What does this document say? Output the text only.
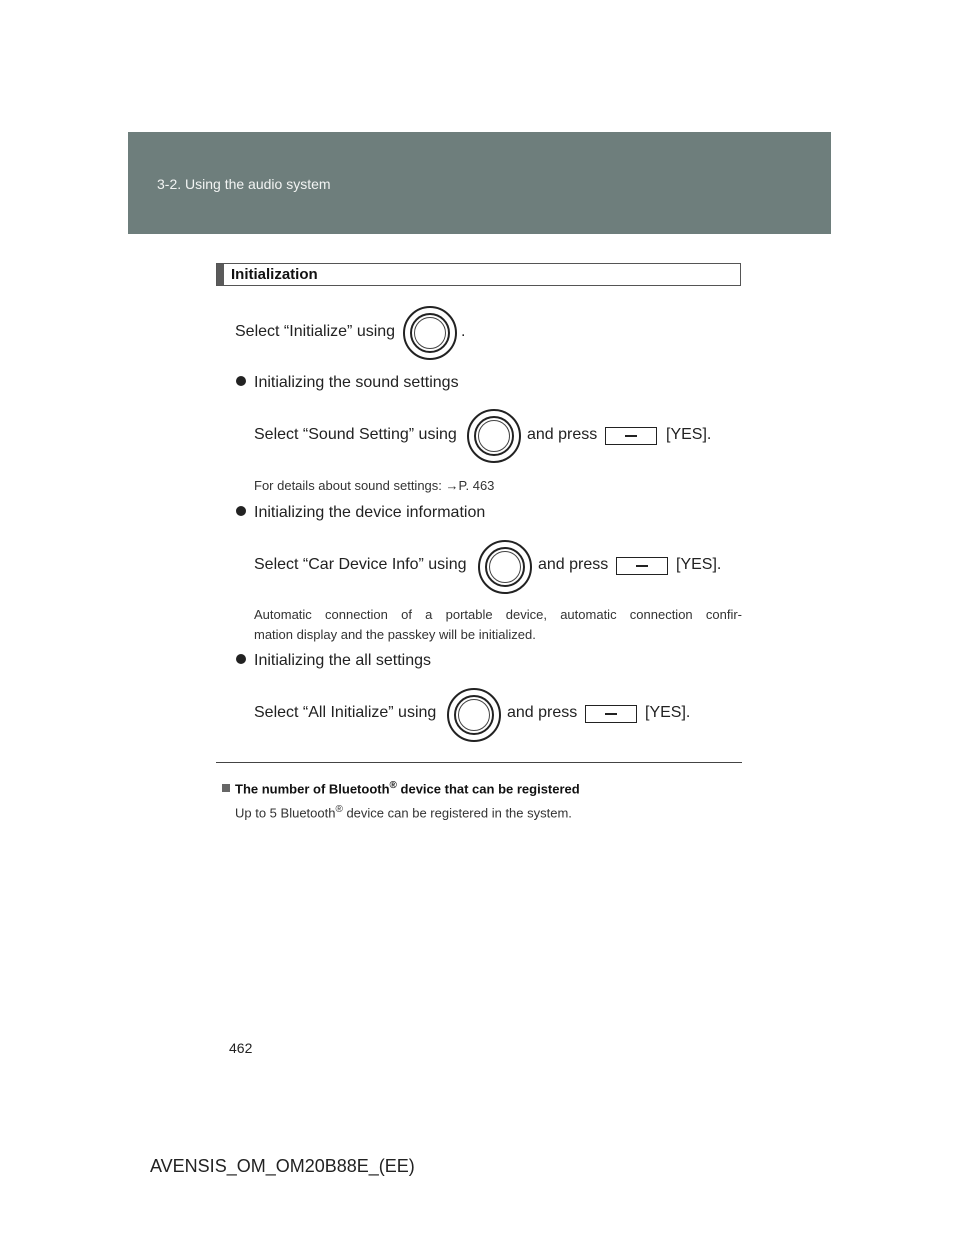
3-2. Using the audio system
Initialization
Select “Initialize” using	.
Initializing the sound settings
Select “Sound Setting” using	and press	[YES].
For details about sound settings: →P. 463
Initializing the device information
Select “Car Device Info” using	and press	[YES].
Automatic connection of a portable device, automatic connection confir-
mation display and the passkey will be initialized.
Initializing the all settings
Select “All Initialize” using	and press	[YES].
The number of Bluetooth® device that can be registered
Up to 5 Bluetooth® device can be registered in the system.
462
AVENSIS_OM_OM20B88E_(EE)
